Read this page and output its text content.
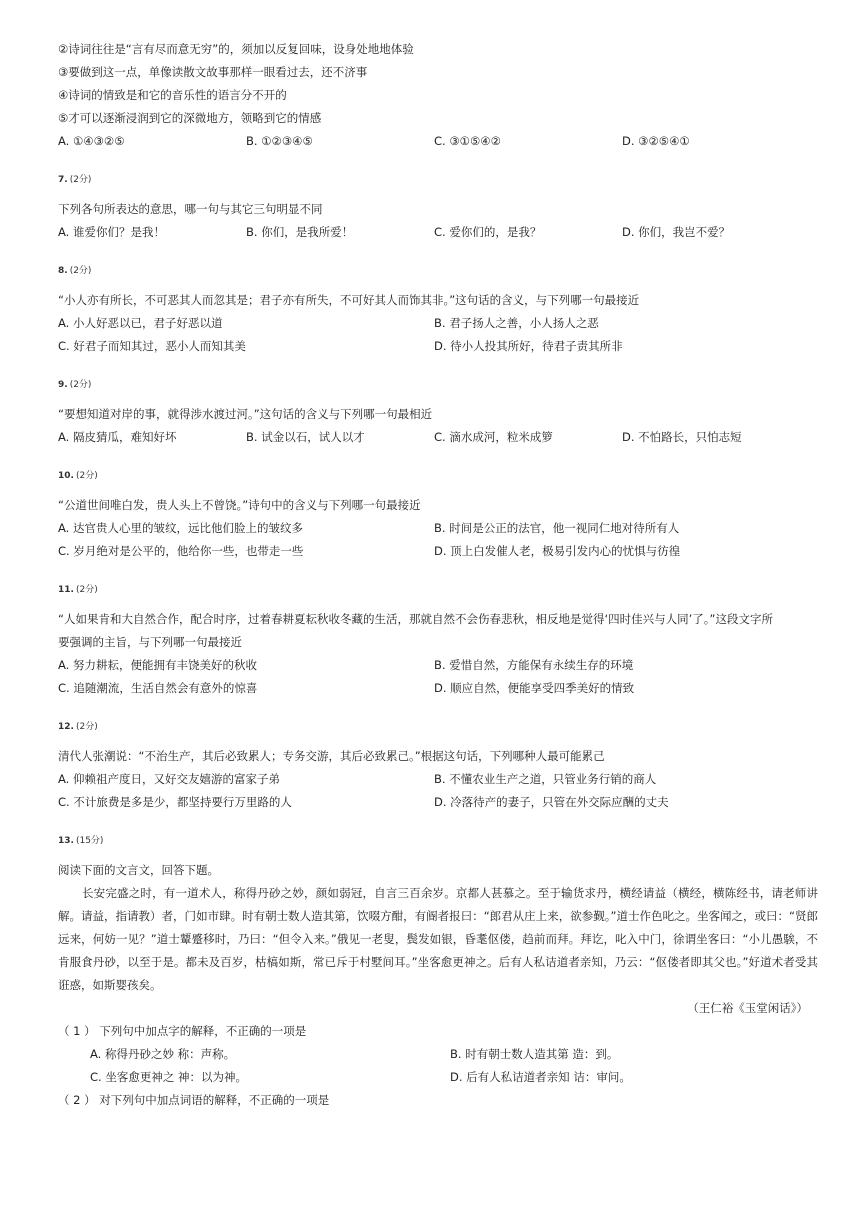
②诗词往往是“言有尽而意无穷”的，须加以反复回味，设身处地地体验
③要做到这一点，单像读散文故事那样一眼看过去，还不济事
④诗词的情致是和它的音乐性的语言分不开的
⑤才可以逐渐浸润到它的深微地方，领略到它的情感
A. ①④③②⑤	B. ①②③④⑤	C. ③①⑤④②	D. ③②⑤④①
7. (2分)
下列各句所表达的意思，哪一句与其它三句明显不同
A. 谁爱你们？是我！	B. 你们，是我所爱！	C. 爱你们的，是我？	D. 你们，我岂不爱？
8. (2分)
“小人亦有所长，不可恶其人而忽其是；君子亦有所失，不可好其人而饰其非。”这句话的含义，与下列哪一句最接近
A. 小人好恶以已，君子好恶以道	B. 君子扬人之善，小人扬人之恶
C. 好君子而知其过，恶小人而知其美	D. 待小人投其所好，待君子责其所非
9. (2分)
“要想知道对岸的事，就得涉水渡过河。”这句话的含义与下列哪一句最相近
A. 隔皮猜瓜，难知好坏	B. 试金以石，试人以才	C. 滴水成河，粒米成箩	D. 不怕路长，只怕志短
10. (2分)
“公道世间唯白发，贵人头上不曾饶。”诗句中的含义与下列哪一句最接近
A. 达官贵人心里的皱纹，远比他们脸上的皱纹多	B. 时间是公正的法官，他一视同仁地对待所有人
C. 岁月绝对是公平的，他给你一些，也带走一些	D. 顶上白发催人老，极易引发内心的忧惧与彷徨
11. (2分)
“人如果肯和大自然合作，配合时序，过着春耕夏耘秋收冬藏的生活，那就自然不会伤春悲秋，相反地是觉得‘四时佳兴与人同’了。”这段文字所
要强调的主旨，与下列哪一句最接近
A. 努力耕耘，便能拥有丰饶美好的秋收	B. 爱惜自然，方能保有永续生存的环境
C. 追随潮流，生活自然会有意外的惊喜	D. 顺应自然，便能享受四季美好的情致
12. (2分)
清代人张潮说：“不治生产，其后必致累人；专务交游，其后必致累己。”根据这句话，下列哪种人最可能累己
A. 仰赖祖产度日，又好交友嬉游的富家子弟	B. 不懂农业生产之道，只管业务行销的商人
C. 不计旅费是多是少，都坚持要行万里路的人	D. 冷落待产的妻子，只管在外交际应酬的丈夫
13. (15分)
阅读下面的文言文，回答下题。

长安完盛之时，有一道术人，称得丹砂之妙，颜如弱冠，自言三百余岁。京都人甚慕之。至于输货求丹，横经请益（横经，横陈经书，请老师讲解。请益，指请教）者，门如市肆。时有朝士数人造其第，饮啜方酣，有阍者报曰：“郎君从庄上来，欲参觐。”道士作色叱之。坐客闻之，或曰：“贤郎远来，何妨一见？”道士颦蹙移时，乃曰：“但令入来。”俄见一老叟，鬓发如银，昏耄伛偻，趋前而拜。拜讫，叱入中门，徐谓坐客曰：“小儿愚騃，不肯服食丹砂，以至于是。都未及百岁，枯槁如斯，常已斥于村墅间耳。”坐客愈更神之。后有人私诘道者亲知，乃云：“伛偻者即其父也。”好道术者受其诳惑，如斯婴孩矣。

（王仁裕《玉堂闲话》）
（ 1 ） 下列句中加点字的解释，不正确的一项是
A. 称得丹砂之妙 称：声称。	B. 时有朝士数人造其第 造：到。
C. 坐客愈更神之 神：以为神。	D. 后有人私诘道者亲知 诘：审问。
（ 2 ） 对下列句中加点词语的解释，不正确的一项是
